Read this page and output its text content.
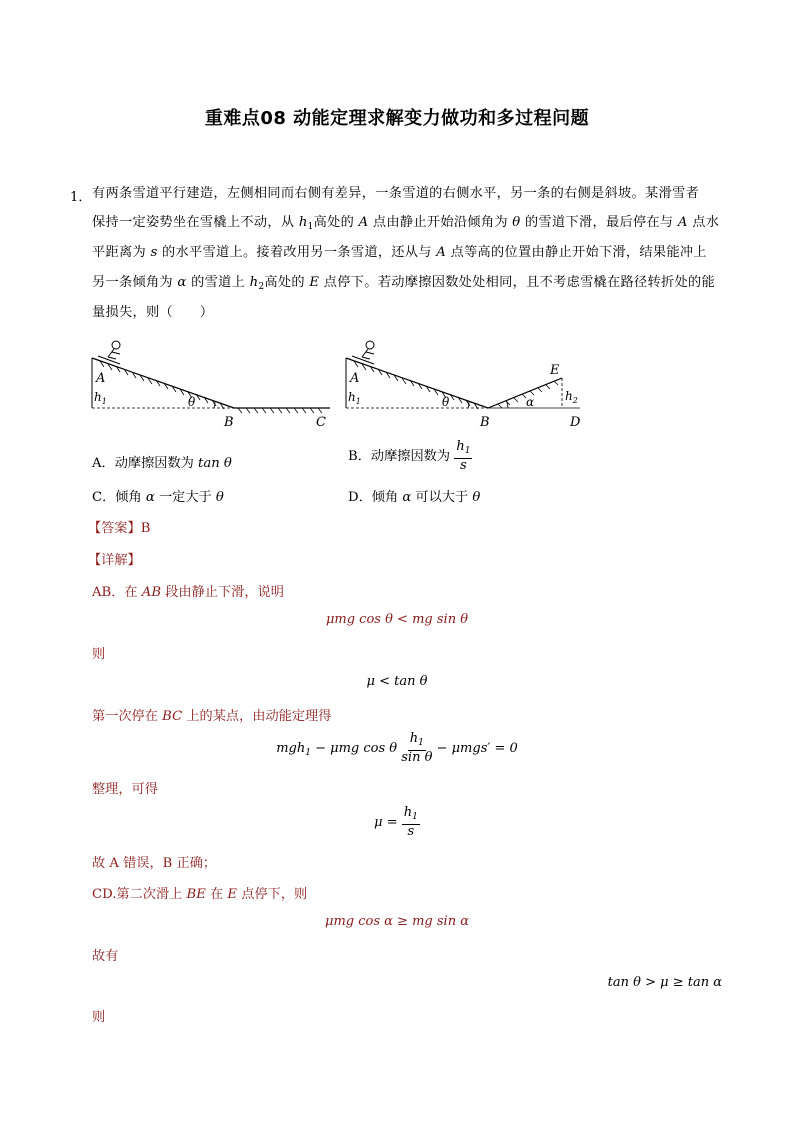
重难点08 动能定理求解变力做功和多过程问题
1． 有两条雪道平行建造，左侧相同而右侧有差异，一条雪道的右侧水平，另一条的右侧是斜坡。某滑雪者
保持一定姿势坐在雪橇上不动，从 $h_1$高处的 A 点由静止开始沿倾角为 θ 的雪道下滑，最后停在与 A 点水
平距离为 s 的水平雪道上。接着改用另一条雪道，还从与 A 点等高的位置由静止开始下滑，结果能冲上
另一条倾角为 α 的雪道上 $h_2$高处的 E 点停下。若动摩擦因数处处相同，且不考虑雪橇在路径转折处的能
量损失，则（　　）
A
$h_1$	θ
B	C
A
$h_1$	θ
B
α
E
$h_2$
D
A．动摩擦因数为 tan θ	B．动摩擦因数为 $\frac{h_1}{s}$
C．倾角 α 一定大于 θ	D．倾角 α 可以大于 θ
【答案】B
【详解】
AB．在 AB 段由静止下滑，说明
μmg cos θ < mg sin θ
则
μ < tan θ
第一次停在 BC 上的某点，由动能定理得
mgh$_1$ − μmg cos θ $\frac{h_1}{\text{sin θ}} - \mu mgs' = 0$
整理，可得
$\mu = \frac{h_1}{s}$
故 A 错误，B 正确；
CD.第二次滑上 BE 在 E 点停下，则
μmg cos α ≥ mg sin α
故有
tan θ > μ ≥ tan α
则
